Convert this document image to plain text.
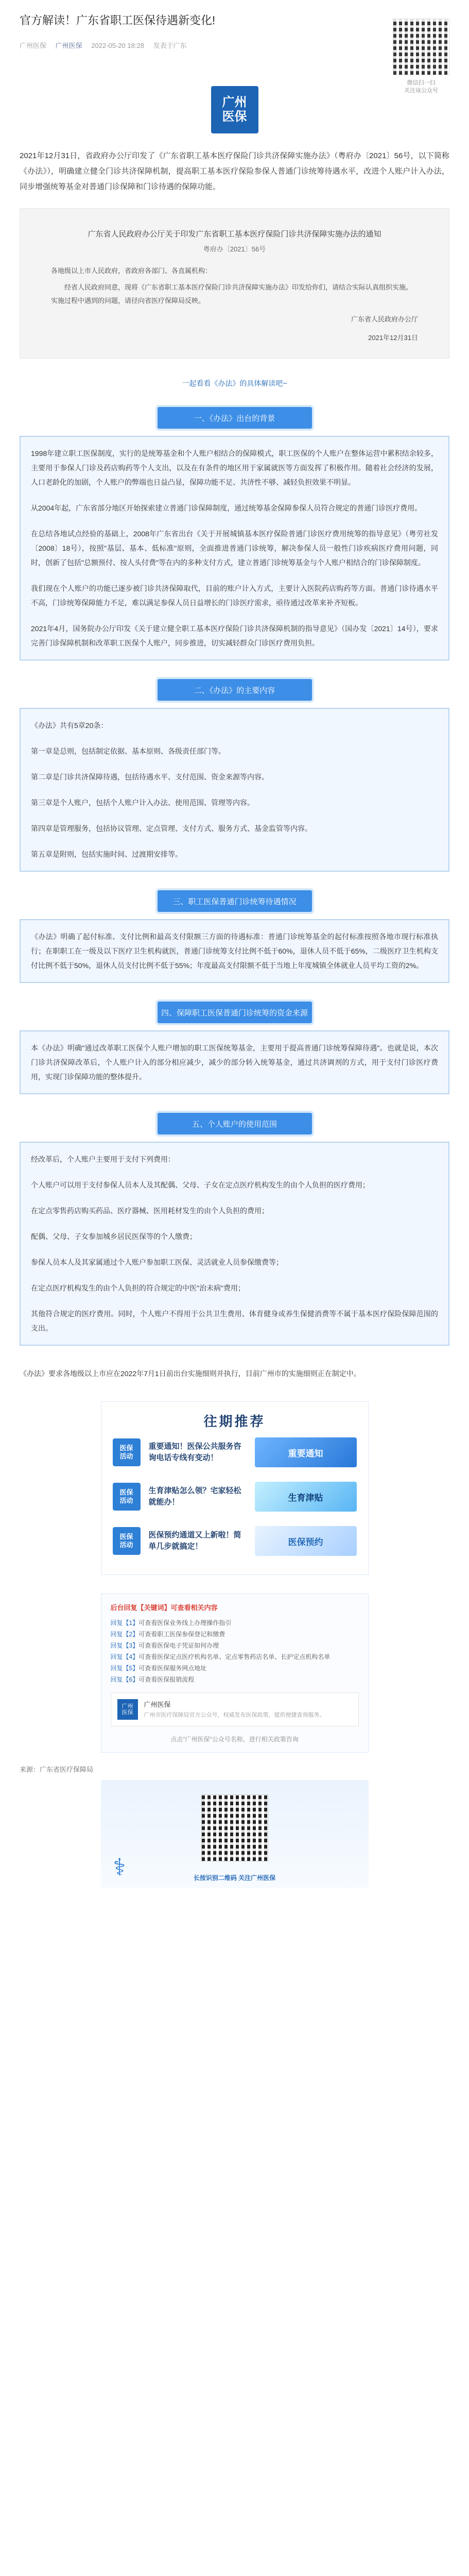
官方解读！广东省职工医保待遇新变化!
广州医保 广州医保 2022-05-20 18:28 发表于广东
微信扫一扫
关注该公众号
广州
医保

2021年12月31日，省政府办公厅印发了《广东省职工基本医疗保险门诊共济保障实施办法》（粤府办〔2021〕56号，以下简称《办法》），明确建立健全门诊共济保障机制，提高职工基本医疗保险参保人普通门诊统筹待遇水平，改进个人账户计入办法，同步增强统筹基金对普通门诊保障和门诊待遇的保障功能。

广东省人民政府办公厅关于印发广东省职工基本医疗保险门诊共济保障实施办法的通知
粤府办〔2021〕56号
各地级以上市人民政府，省政府各部门、各直属机构：

经省人民政府同意，现将《广东省职工基本医疗保险门诊共济保障实施办法》印发给你们，请结合实际认真组织实施。实施过程中遇到的问题，请径向省医疗保障局反映。

广东省人民政府办公厅
2021年12月31日
一起看看《办法》的具体解读吧~
一、《办法》出台的背景

1998年建立职工医保制度，实行的是统筹基金和个人账户相结合的保障模式，职工医保的个人账户在整体运营中累积结余较多，主要用于参保人门诊及药店购药等个人支出，以及在有条件的地区用于家属就医等方面发挥了积极作用。随着社会经济的发展，人口老龄化的加剧，个人账户的弊端也日益凸显，保障功能不足、共济性不够、减轻负担效果不明显。

从2004年起，广东省部分地区开始探索建立普通门诊保障制度，通过统筹基金保障参保人员符合规定的普通门诊医疗费用。

在总结各地试点经验的基础上，2008年广东省出台《关于开展城镇基本医疗保险普通门诊医疗费用统筹的指导意见》（粤劳社发〔2008〕18号），按照"基层、基本、低标准"原则，全面推进普通门诊统筹，解决参保人员一般性门诊疾病医疗费用问题，同时，创新了包括"总额预付、按人头付费"等在内的多种支付方式，建立普通门诊统筹基金与个人账户相结合的门诊保障制度。

我们现在个人账户的功能已逐步被门诊共济保障取代，目前的账户计入方式，主要计入医院药店购药等方面。普通门诊待遇水平不高，门诊统筹保障能力不足，难以满足参保人员日益增长的门诊医疗需求，亟待通过改革来补齐短板。

2021年4月，国务院办公厅印发《关于建立健全职工基本医疗保险门诊共济保障机制的指导意见》（国办发〔2021〕14号），要求完善门诊保障机制和改革职工医保个人账户，同步推进，切实减轻群众门诊医疗费用负担。

二、《办法》的主要内容

《办法》共有5章20条：

第一章是总则，包括制定依据、基本原则、各级责任部门等。

第二章是门诊共济保障待遇，包括待遇水平、支付范围、资金来源等内容。

第三章是个人账户，包括个人账户计入办法、使用范围、管理等内容。

第四章是管理服务，包括协议管理、定点管理、支付方式、服务方式、基金监管等内容。

第五章是附则，包括实施时间、过渡期安排等。

三、职工医保普通门诊统筹待遇情况

《办法》明确了起付标准、支付比例和最高支付限额三方面的待遇标准：普通门诊统筹基金的起付标准按照各地市现行标准执行；在职职工在一级及以下医疗卫生机构就医，普通门诊统筹支付比例不低于60%，退休人员不低于65%，二级医疗卫生机构支付比例不低于50%，退休人员支付比例不低于55%；年度最高支付限额不低于当地上年度城镇全体就业人员平均工资的2%。

四、保障职工医保普通门诊统筹的资金来源

本《办法》明确"通过改革职工医保个人账户增加的职工医保统筹基金，主要用于提高普通门诊统筹保障待遇"。也就是说，本次门诊共济保障改革后，个人账户计入的部分相应减少，减少的部分转入统筹基金，通过共济调剂的方式，用于支付门诊医疗费用，实现门诊保障功能的整体提升。

五、个人账户的使用范围

经改革后，个人账户主要用于支付下列费用：

个人账户可以用于支付参保人员本人及其配偶、父母、子女在定点医疗机构发生的由个人负担的医疗费用；

在定点零售药店购买药品、医疗器械、医用耗材发生的由个人负担的费用；

配偶、父母、子女参加城乡居民医保等的个人缴费；

参保人员本人及其家属通过个人账户参加职工医保、灵活就业人员参保缴费等；

在定点医疗机构发生的由个人负担的符合规定的中医"治未病"费用；

其他符合规定的医疗费用。同时，个人账户不得用于公共卫生费用、体育健身或养生保健消费等不属于基本医疗保险保障范围的支出。

《办法》要求各地级以上市应在2022年7月1日前出台实施细则并执行，目前广州市的实施细则正在制定中。

往期推荐
医保
活动
重要通知！医保公共服务咨询电话专线有变动！	重要通知
医保
活动
生育津贴怎么领？宅家轻松就能办！	生育津贴
医保
活动
医保预约通道又上新啦！简单几步就搞定！	医保预约
后台回复【关键词】可查看相关内容
回复【1】可查看医保业务线上办理操作指引
回复【2】可查看职工医保参保登记和缴费
回复【3】可查看医保电子凭证如何办理
回复【4】可查看医保定点医疗机构名单、定点零售药店名单、长护定点机构名单
回复【5】可查看医保服务网点地址
回复【6】可查看医保报销流程
广州
医保
广州医保
广州市医疗保障局官方公众号，权威发布医保政策，提供便捷查询服务。
点击"广州医保"公众号名称，进行相关政策咨询
来源：广东省医疗保障局
⚕	长按识别二维码 关注广州医保
